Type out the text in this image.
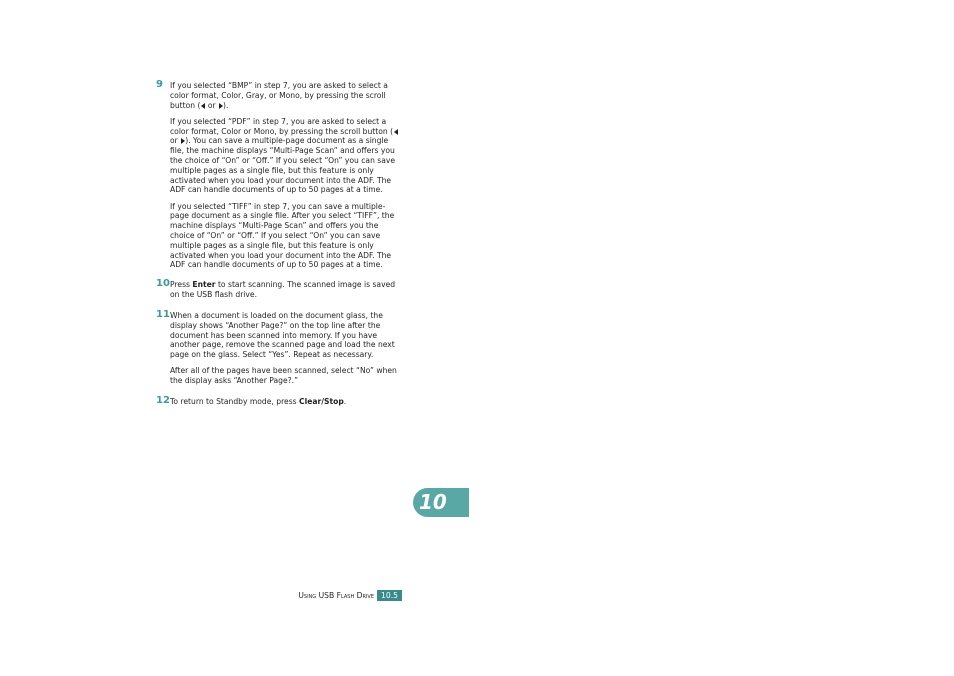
9 If you selected “BMP” in step 7, you are asked to select a color format, Color, Gray, or Mono, by pressing the scroll button ( or ).

If you selected “PDF” in step 7, you are asked to select a color format, Color or Mono, by pressing the scroll button ( or ). You can save a multiple-page document as a single file, the machine displays “Multi-Page Scan” and offers you the choice of “On” or “Off.” If you select “On” you can save multiple pages as a single file, but this feature is only activated when you load your document into the ADF. The ADF can handle documents of up to 50 pages at a time.

If you selected “TIFF” in step 7, you can save a multiple-page document as a single file. After you select “TIFF”, the machine displays “Multi-Page Scan” and offers you the choice of “On” or “Off.” If you select “On” you can save multiple pages as a single file, but this feature is only activated when you load your document into the ADF. The ADF can handle documents of up to 50 pages at a time.

10 Press Enter to start scanning. The scanned image is saved on the USB flash drive.

11 When a document is loaded on the document glass, the display shows “Another Page?” on the top line after the document has been scanned into memory. If you have another page, remove the scanned page and load the next page on the glass. Select “Yes”. Repeat as necessary.

After all of the pages have been scanned, select “No” when the display asks “Another Page?.”

12 To return to Standby mode, press Clear/Stop.

10
Using USB Flash Drive 10.5
